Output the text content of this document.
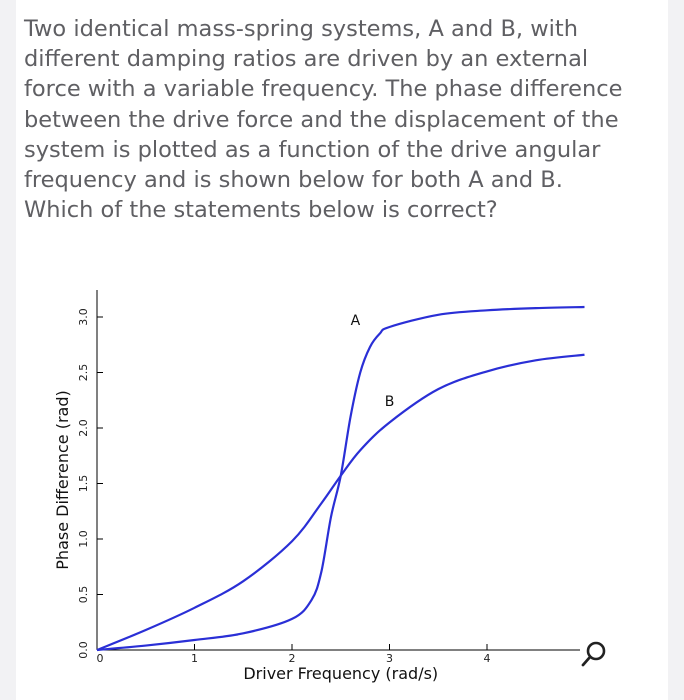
Two identical mass-spring systems, A and B, with different damping ratios are driven by an external force with a variable frequency. The phase difference between the drive force and the displacement of the system is plotted as a function of the drive angular frequency and is shown below for both A and B. Which of the statements below is correct?

0.0
0.5
1.0
1.5
2.0
2.5
3.0
0	1	2	3	4
A
B
Driver Frequency (rad/s)
Phase Difference (rad)
